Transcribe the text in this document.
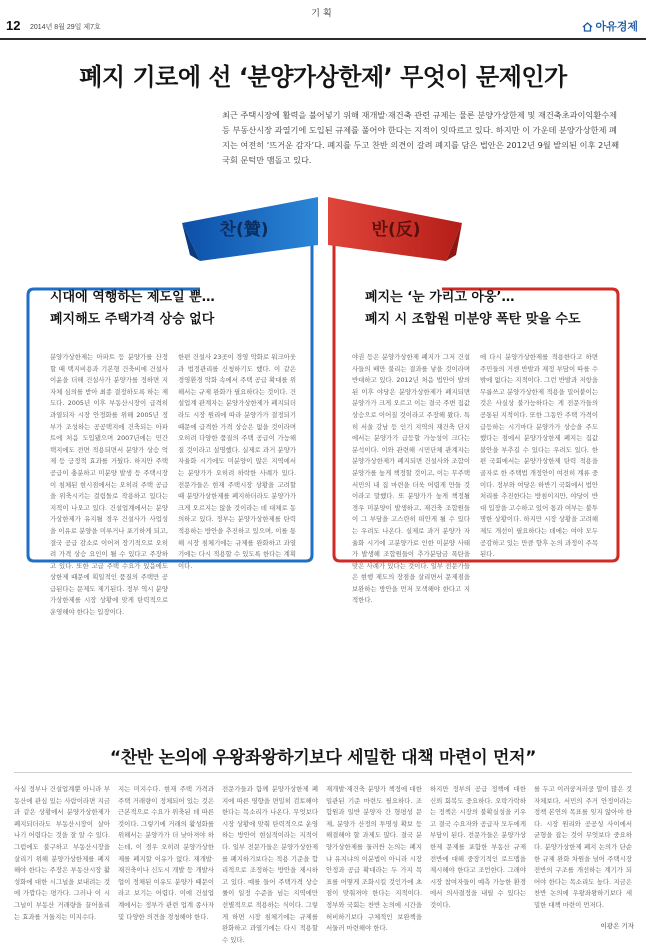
12 2014년 8월 29일 제7호
기획
아유경제
폐지 기로에 선 ‘분양가상한제’ 무엇이 문제인가

최근 주택시장에 활력을 불어넣기 위해 재개발·재건축 관련 규제는 물론 분양가상한제 및 재건축초과이익환수제 등 부동산시장 과열기에 도입된 규제를 풀어야 한다는 지적이 잇따르고 있다. 하지만 이 가운데 분양가상한제 폐지는 여전히 ‘뜨거운 감자’다. 폐지를 두고 찬반 의견이 갈려 폐지를 담은 법안은 2012년 9월 발의된 이후 2년째 국회 문턱만 맴돌고 있다.

찬(贊)	반(反)
시대에 역행하는 제도일 뿐…
폐지해도 주택가격 상승 없다
폐지는 ‘눈 가리고 아웅’…
폐지 시 조합원 미분양 폭탄 맞을 수도
분양가상한제는 아파트 등 분양가를 산정할 때 택지비용과 기본형 건축비에 건설사 이윤을 더해 건설사가 분양가를 정하면 지자체 심의를 받아 최종 결정하도록 하는 제도다. 2005년 이후 부동산시장이 급격히 과열되자 시장 안정화를 위해 2005년 정부가 조성하는 공공택지에 건축되는 아파트에 처음 도입됐으며 2007년에는 민간 택지에도 전면 적용되면서 분양가 상승 억제 등 긍정적 효과를 거뒀다. 하지만 주택 공급이 충분하고 미분양 발생 등 주택시장이 침체된 현시점에서는 오히려 주택 공급을 위축시키는 걸림돌로 작용하고 있다는 지적이 나오고 있다. 건설업계에서는 분양가상한제가 유지될 경우 건설사가 사업성을 이유로 분양을 미루거나 포기하게 되고, 결국 공급 감소로 이어져 장기적으로 오히려 가격 상승 요인이 될 수 있다고 주장하고 있다. 또한 고급 주택 수요가 있음에도 상한제 때문에 획일적인 품질의 주택만 공급된다는 문제도 제기된다. 정부 역시 분양가상한제를 시장 상황에 맞게 탄력적으로 운영해야 한다는 입장이다.
한편 건설사 23곳이 경영 악화로 워크아웃과 법정관리를 신청하기도 했다. 이 같은 경영환경 악화 속에서 주택 공급 확대를 위해서는 규제 완화가 필요하다는 것이다. 건설업계 관계자는 분양가상한제가 폐지되더라도 시장 원리에 따라 분양가가 결정되기 때문에 급격한 가격 상승은 없을 것이라며 오히려 다양한 품질의 주택 공급이 가능해질 것이라고 설명했다. 실제로 과거 분양가 자율화 시기에도 미분양이 많은 지역에서는 분양가가 오히려 하락한 사례가 있다. 전문가들은 현재 주택시장 상황을 고려할 때 분양가상한제를 폐지하더라도 분양가가 크게 오르지는 않을 것이라는 데 대체로 동의하고 있다. 정부는 분양가상한제를 탄력 적용하는 방안을 추진하고 있으며, 이를 통해 시장 침체기에는 규제를 완화하고 과열기에는 다시 적용할 수 있도록 한다는 계획이다.
야권 등은 분양가상한제 폐지가 그저 건설사들의 배만 불리는 결과를 낳을 것이라며 반대하고 있다. 2012년 처음 법안이 발의된 이후 야당은 분양가상한제가 폐지되면 분양가가 크게 오르고 이는 결국 주변 집값 상승으로 이어질 것이라고 주장해 왔다. 특히 서울 강남 등 인기 지역의 재건축 단지에서는 분양가가 급등할 가능성이 크다는 분석이다. 이와 관련해 시민단체 관계자는 분양가상한제가 폐지되면 건설사와 조합이 분양가를 높게 책정할 것이고, 이는 무주택 서민의 내 집 마련을 더욱 어렵게 만들 것이라고 말했다. 또 분양가가 높게 책정될 경우 미분양이 발생하고, 재건축 조합원들이 그 부담을 고스란히 떠안게 될 수 있다는 우려도 나온다. 실제로 과거 분양가 자율화 시기에 고분양가로 인한 미분양 사태가 발생해 조합원들이 추가분담금 폭탄을 맞은 사례가 있다는 것이다. 일부 전문가들은 현행 제도의 장점을 살리면서 문제점을 보완하는 방안을 먼저 모색해야 한다고 지적한다.
에 다시 분양가상한제를 적용한다고 하면 주민들의 거센 반발과 재정 부담이 따를 수밖에 없다는 지적이다. 그런 반발과 저항을 무릅쓰고 분양가상한제 적용을 밀어붙이는 것은 사실상 불가능하다는 게 전문가들의 공통된 지적이다. 또한 그동안 주택 가격이 급등하는 시기마다 분양가가 상승을 주도했다는 점에서 분양가상한제 폐지는 집값 불안을 부추길 수 있다는 우려도 있다. 한편 국회에서는 분양가상한제 탄력 적용을 골자로 한 주택법 개정안이 여전히 계류 중이다. 정부와 여당은 하반기 국회에서 법안 처리를 추진한다는 방침이지만, 야당이 반대 입장을 고수하고 있어 통과 여부는 불투명한 상황이다. 하지만 시장 상황을 고려해 제도 개선이 필요하다는 데에는 여야 모두 공감하고 있는 만큼 향후 논의 과정이 주목된다.
“찬반 논의에 우왕좌왕하기보다 세밀한 대책 마련이 먼저”
사실 정부나 건설업계뿐 아니라 부동산에 관심 있는 사람이라면 지금과 같은 상황에서 분양가상한제가 폐지되더라도 부동산시장이 살아나기 어렵다는 것을 잘 알 수 있다. 그럼에도 불구하고 부동산시장을 살리기 위해 분양가상한제를 폐지해야 한다는 주장은 부동산시장 활성화에 대한 시그널을 보내려는 것에 가깝다는 평가다. 그러나 이 시그널이 부동산 거래량을 끌어올리는 효과를 거둘지는 미지수다.
지는 미지수다. 현재 주택 가격과 주택 거래량이 정체되어 있는 것은 근본적으로 수요가 위축된 데 따른 것이다. 그렇기에 거래의 활성화를 위해서는 분양가가 더 낮아져야 하는데, 이 경우 오히려 분양가상한제를 폐지할 이유가 없다. 재개발·재건축이나 신도시 개발 등 개발사업이 정체된 이유도 분양가 때문이라고 보기는 어렵다. 이에 건설업계에서는 정부가 관련 업계 종사자 및 다양한 의견을 경청해야 한다.
전문가들과 함께 분양가상한제 폐지에 따른 영향을 면밀히 검토해야 한다는 목소리가 나온다. 무엇보다 시장 상황에 맞춰 탄력적으로 운영하는 방안이 현실적이라는 지적이다. 일부 전문가들은 분양가상한제를 폐지하기보다는 적용 기준을 합리적으로 조정하는 방안을 제시하고 있다. 예를 들어 주택가격 상승률이 일정 수준을 넘는 지역에만 선별적으로 적용하는 식이다. 그렇게 하면 시장 침체기에는 규제를 완화하고 과열기에는 다시 적용할 수 있다.
재개발·재건축 분양가 책정에 대한 일관된 기준 마련도 필요하다. 조합원과 일반 분양자 간 형평성 문제, 분양가 산정의 투명성 확보 등 해결해야 할 과제도 많다. 결국 분양가상한제를 둘러싼 논의는 폐지냐 유지냐의 이분법이 아니라 시장 안정과 공급 확대라는 두 가지 목표를 어떻게 조화시킬 것인가에 초점이 맞춰져야 한다는 지적이다. 정부와 국회는 찬반 논의에 시간을 허비하기보다 구체적인 보완책을 서둘러 마련해야 한다.
하지만 정부의 공급 정책에 대한 신뢰 회복도 중요하다. 오락가락하는 정책은 시장의 불확실성을 키우고 결국 수요자와 공급자 모두에게 부담이 된다. 전문가들은 분양가상한제 문제를 포함한 부동산 규제 전반에 대해 중장기적인 로드맵을 제시해야 한다고 조언한다. 그래야 시장 참여자들이 예측 가능한 환경에서 의사결정을 내릴 수 있다는 것이다.
를 두고 이러쿵저러쿵 말이 많은 것 자체보다, 서민의 주거 안정이라는 정책 본연의 목표를 잊지 않아야 한다. 시장 원리와 공공성 사이에서 균형을 잡는 것이 무엇보다 중요하다. 분양가상한제 폐지 논의가 단순한 규제 완화 차원을 넘어 주택시장 전반의 구조를 개선하는 계기가 되어야 한다는 목소리도 높다. 지금은 찬반 논의에 우왕좌왕하기보다 세밀한 대책 마련이 먼저다.
이광은 기자
